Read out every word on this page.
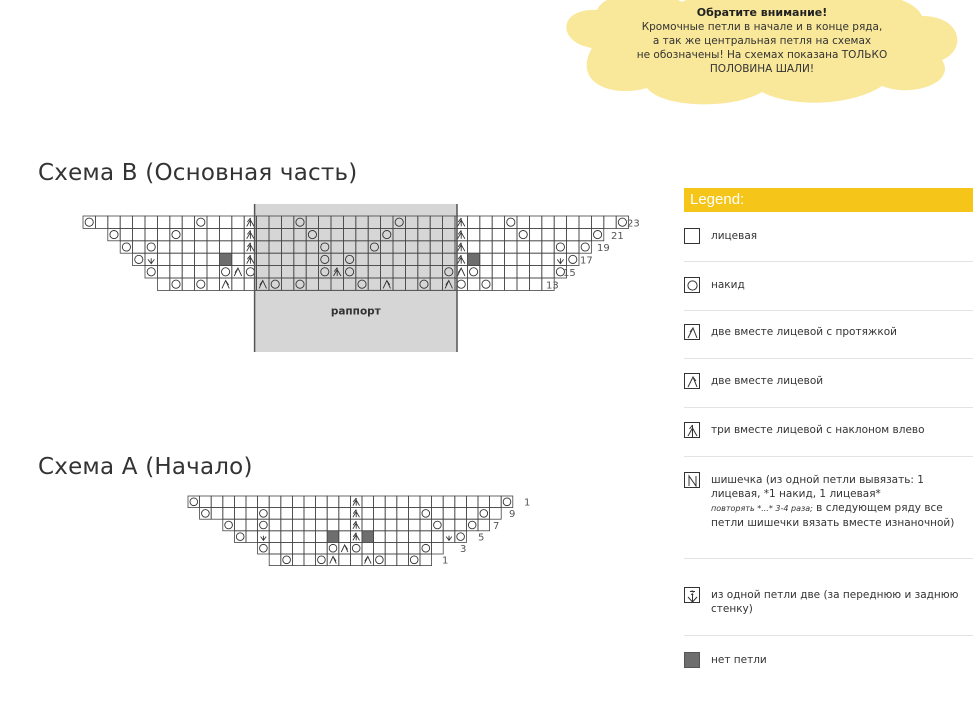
Обратите внимание!
Кромочные петли в начале и в конце ряда,
а так же центральная петля на схемах
не обозначены! На схемах показана ТОЛЬКО
ПОЛОВИНА ШАЛИ!
Схема В (Основная часть)
Схема А (Начало)
23
21
19
17
15
13
раппорт
1
9
7
5
3
1
Legend:
лицевая
накид
две вместе лицевой с протяжкой
две вместе лицевой
три вместе лицевой с наклоном влево
шишечка (из одной петли вывязать: 1 лицевая, *1 накид, 1 лицевая*
повторять *...* 3-4 раза; в следующем ряду все петли шишечки вязать вместе изнаночной)
2 из одной петли две (за переднюю и заднюю стенку)
нет петли
